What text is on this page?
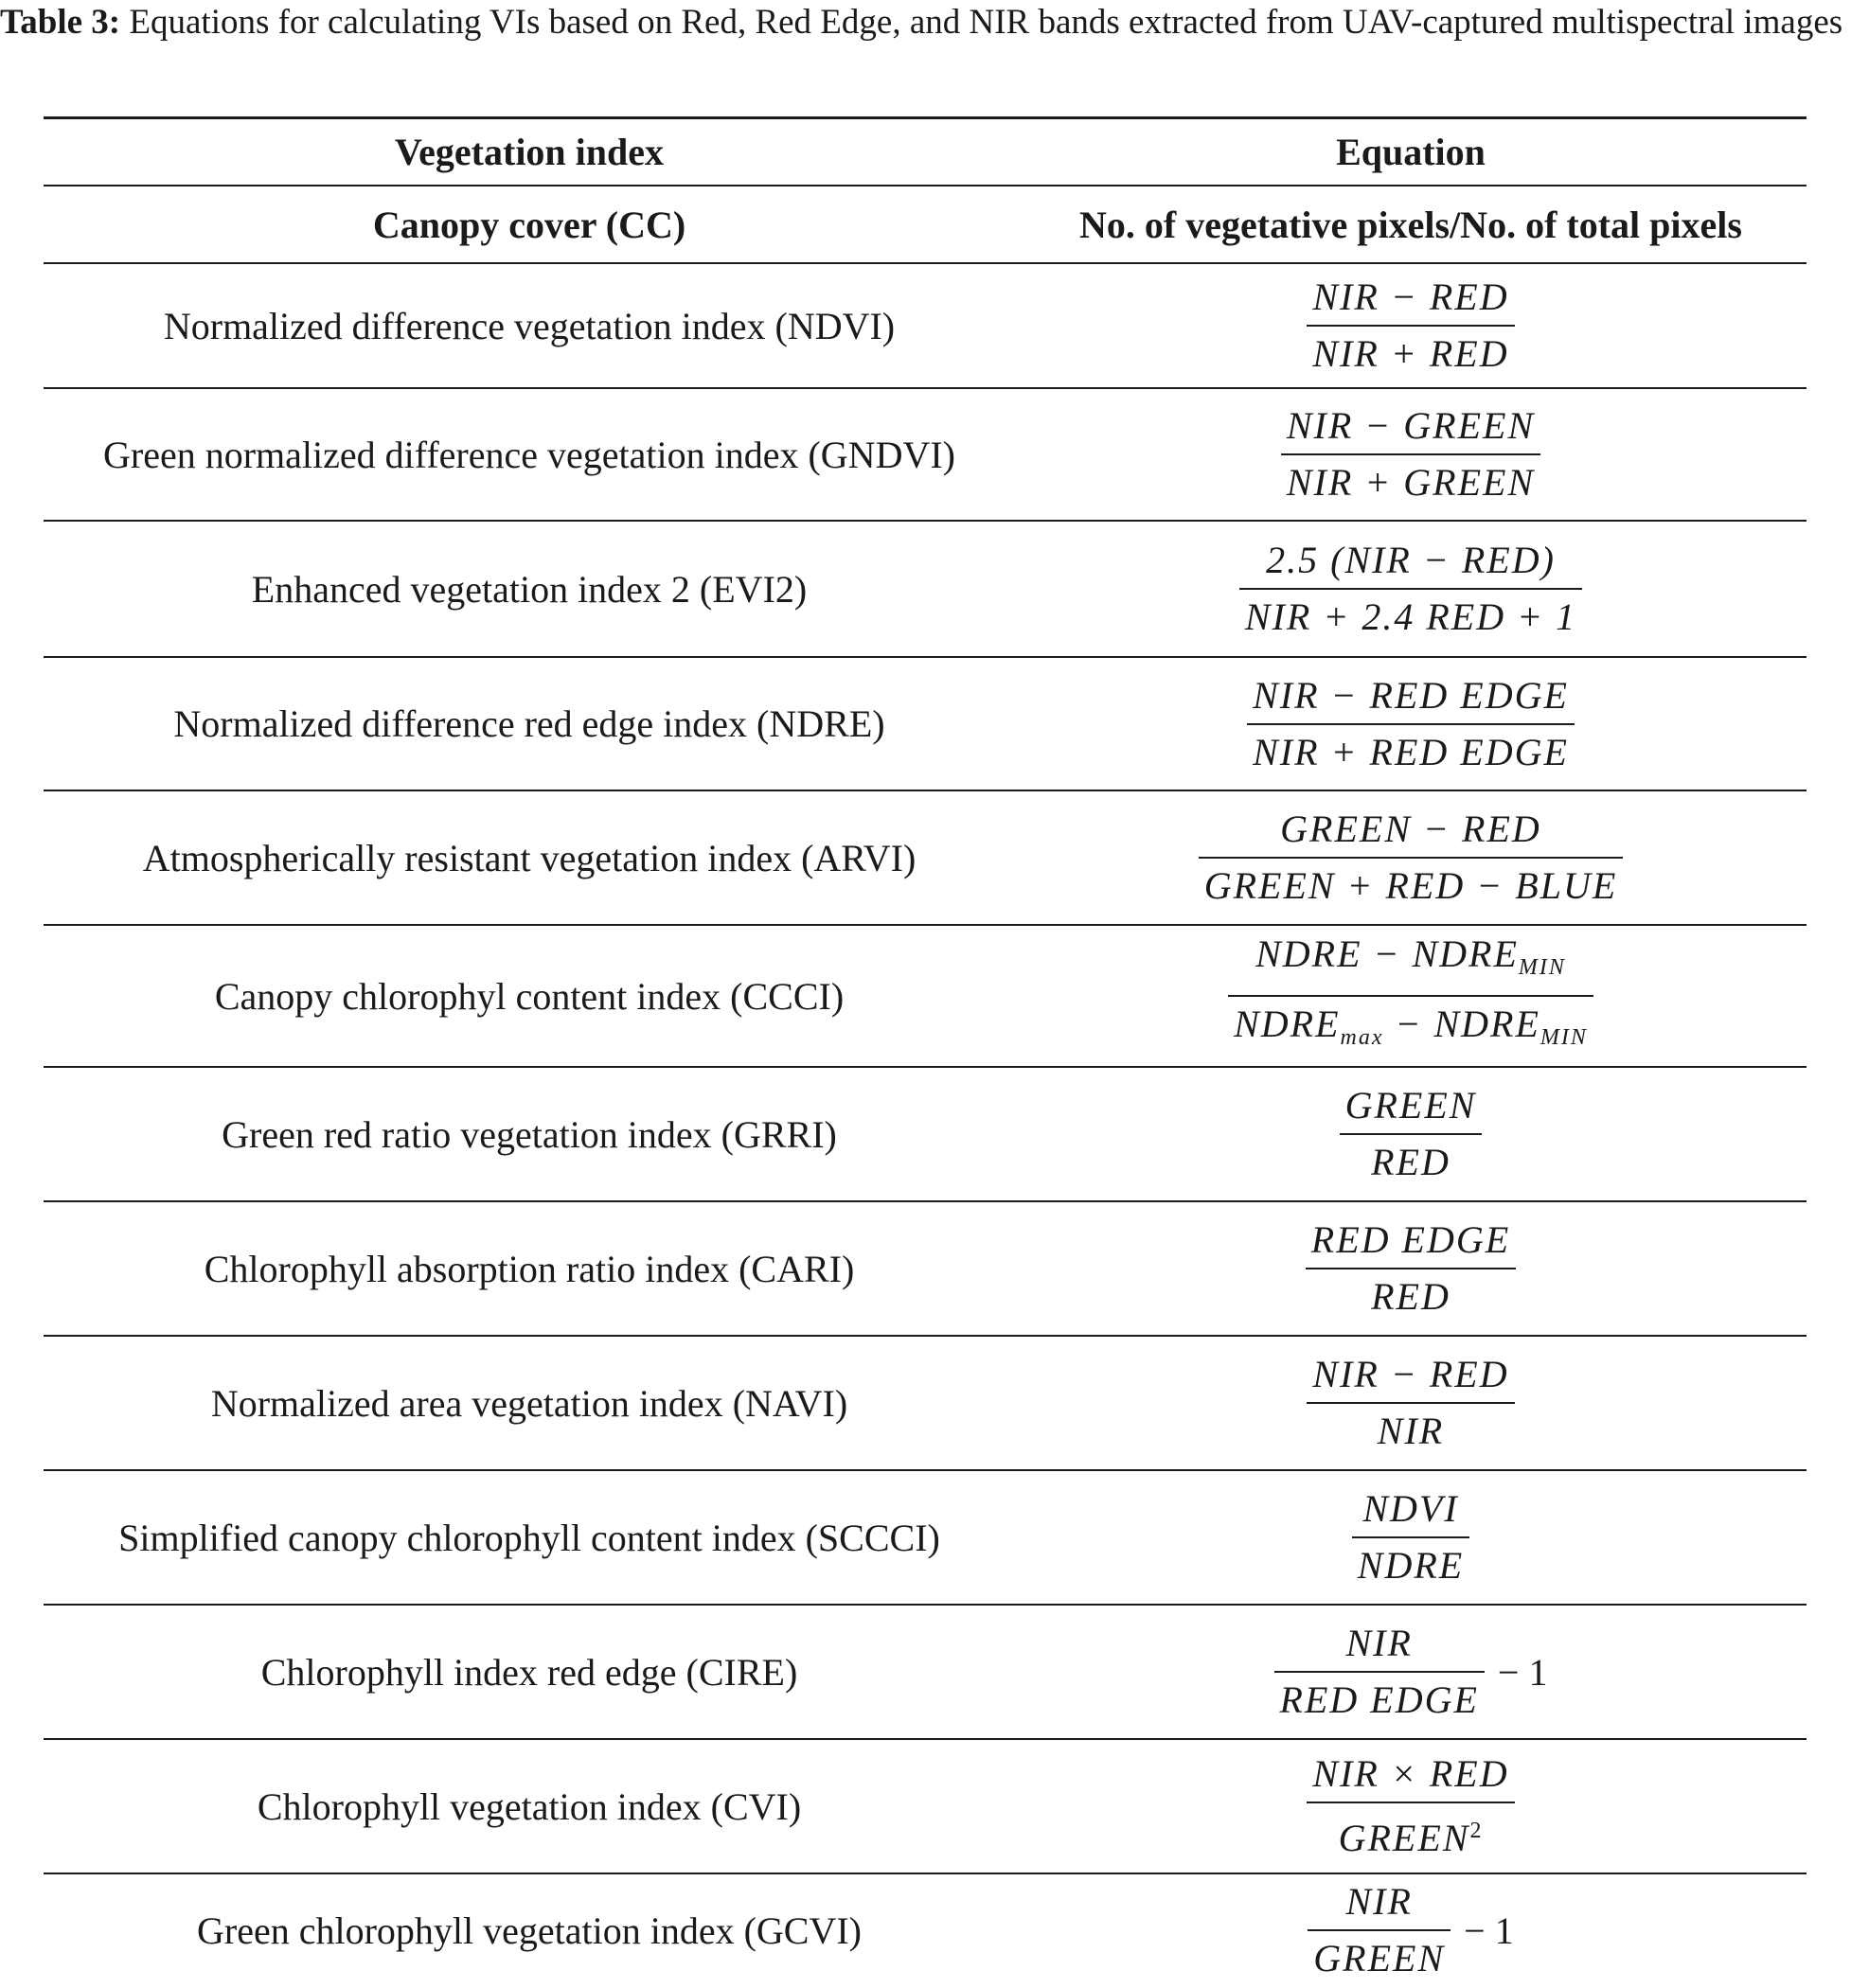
Table 3: Equations for calculating VIs based on Red, Red Edge, and NIR bands extracted from UAV-captured multispectral images

Vegetation index	Equation
Canopy cover (CC)	No. of vegetative pixels/No. of total pixels
Normalized difference vegetation index (NDVI)	$\frac{\text{NIR − RED}}{\text{NIR + RED}}$
Green normalized difference vegetation index (GNDVI)	$\frac{\text{NIR − GREEN}}{\text{NIR + GREEN}}$
Enhanced vegetation index 2 (EVI2)	$\frac{\text{2.5 (NIR − RED)}}{\text{NIR + 2.4 RED + 1}}$
Normalized difference red edge index (NDRE)	$\frac{\text{NIR − RED EDGE}}{\text{NIR + RED EDGE}}$
Atmospherically resistant vegetation index (ARVI)	$\frac{\text{GREEN − RED}}{\text{GREEN + RED − BLUE}}$
Canopy chlorophyl content index (CCCI)	$\frac{NDRE - NDRE_{MIN}}{NDRE_{max} - NDRE_{MIN}}$
Green red ratio vegetation index (GRRI)	$\frac{\text{GREEN}}{\text{RED}}$
Chlorophyll absorption ratio index (CARI)	$\frac{\text{RED EDGE}}{\text{RED}}$
Normalized area vegetation index (NAVI)	$\frac{\text{NIR − RED}}{\text{NIR}}$
Simplified canopy chlorophyll content index (SCCCI)	$\frac{\text{NDVI}}{\text{NDRE}}$
Chlorophyll index red edge (CIRE)	$\frac{\text{NIR}}{\text{RED EDGE}} - 1$
Chlorophyll vegetation index (CVI)	$\frac{\text{NIR × RED}}{GREEN^2}$
Green chlorophyll vegetation index (GCVI)	$\frac{\text{NIR}}{\text{GREEN}} - 1$
